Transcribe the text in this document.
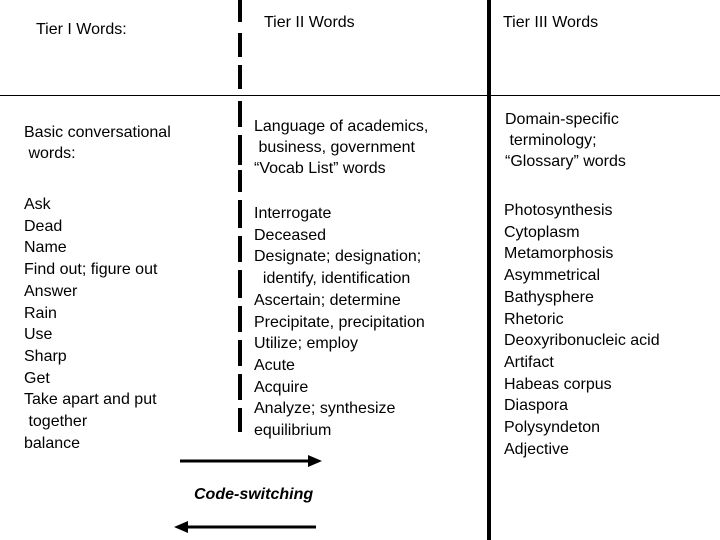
Tier I Words:	Tier II Words	Tier III Words
Basic conversational
words:
Language of academics,
business, government
“Vocab List” words
Domain-specific
terminology;
“Glossary” words
Ask
Dead
Name
Find out; figure out
Answer
Rain
Use
Sharp
Get
Take apart and put
together
balance
Interrogate
Deceased
Designate; designation;
identify, identification
Ascertain; determine
Precipitate, precipitation
Utilize; employ
Acute
Acquire
Analyze; synthesize
equilibrium
Photosynthesis
Cytoplasm
Metamorphosis
Asymmetrical
Bathysphere
Rhetoric
Deoxyribonucleic acid
Artifact
Habeas corpus
Diaspora
Polysyndeton
Adjective
Code-switching
